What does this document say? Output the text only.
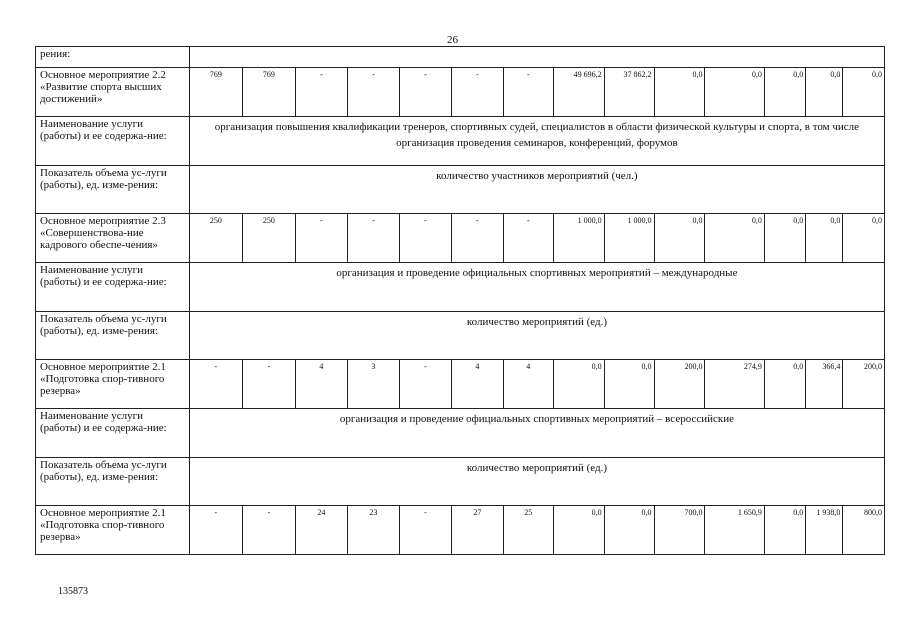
26
рения:														
Основное мероприятие 2.2 «Развитие спорта высших достижений»	769	769	-	-	-	-	-	49 696,2	37 862,2	0,0	0,0	0,0	0,0	0,0
Наименование услуги (работы) и ее содержа-ние:	организация повышения квалификации тренеров, спортивных судей, специалистов в области физической культуры и спорта, в том числе организация проведения семинаров, конференций, форумов													
Показатель объема ус-луги (работы), ед. изме-рения:	количество участников мероприятий (чел.)													
Основное мероприятие 2.3 «Совершенствова-ние кадрового обеспе-чения»	250	250	-	-	-	-	-	1 000,0	1 000,0	0,0	0,0	0,0	0,0	0,0
Наименование услуги (работы) и ее содержа-ние:	организация и проведение официальных спортивных мероприятий – международные													
Показатель объема ус-луги (работы), ед. изме-рения:	количество мероприятий (ед.)													
Основное мероприятие 2.1 «Подготовка спор-тивного резерва»	-	-	4	3	-	4	4	0,0	0,0	200,0	274,9	0,0	366,4	200,0
Наименование услуги (работы) и ее содержа-ние:	организация и проведение официальных спортивных мероприятий – всероссийские													
Показатель объема ус-луги (работы), ед. изме-рения:	количество мероприятий (ед.)													
Основное мероприятие 2.1 «Подготовка спор-тивного резерва»	-	-	24	23	-	27	25	0,0	0,0	700,0	1 650,9	0,0	1 938,0	800,0
135873
